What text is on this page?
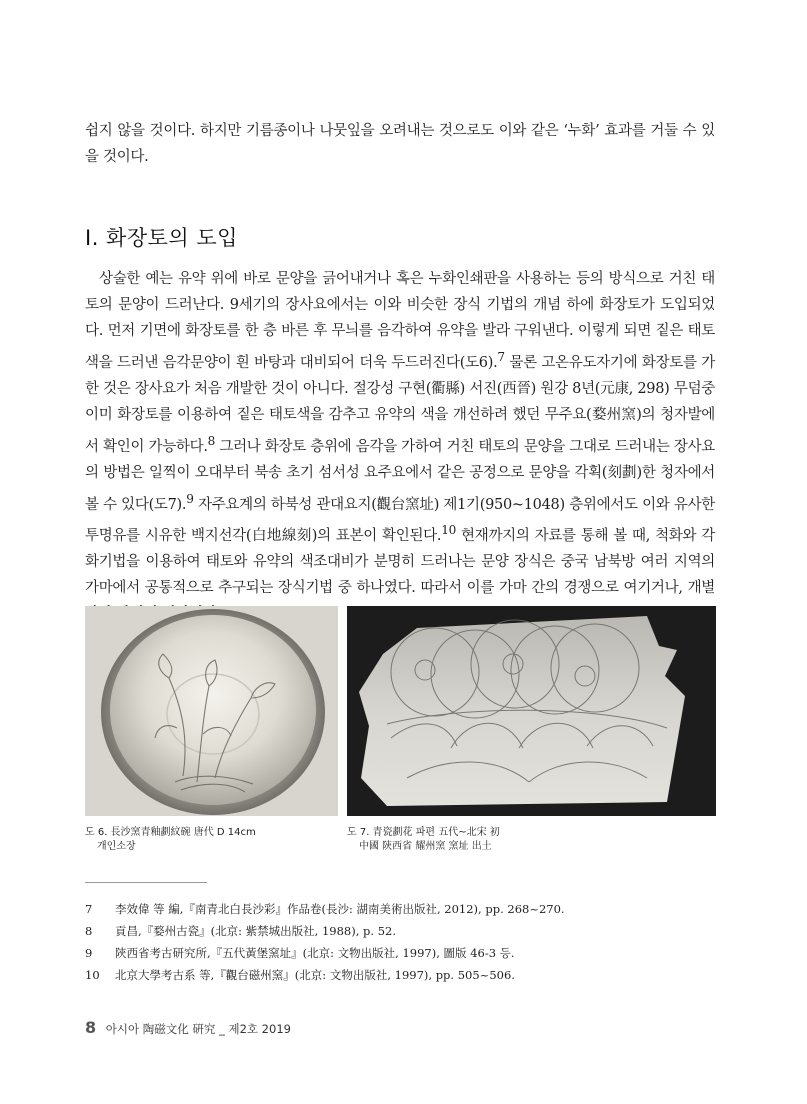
쉽지 않을 것이다. 하지만 기름종이나 나뭇잎을 오려내는 것으로도 이와 같은 ‘누화’ 효과를 거둘 수 있을 것이다.

Ⅰ. 화장토의 도입

상술한 예는 유약 위에 바로 문양을 긁어내거나 혹은 누화인쇄판을 사용하는 등의 방식으로 거친 태토의 문양이 드러난다. 9세기의 장사요에서는 이와 비슷한 장식 기법의 개념 하에 화장토가 도입되었다. 먼저 기면에 화장토를 한 층 바른 후 무늬를 음각하여 유약을 발라 구워낸다. 이렇게 되면 짙은 태토색을 드러낸 음각문양이 흰 바탕과 대비되어 더욱 두드러진다(도6).$^7$ 물론 고온유도자기에 화장토를 가한 것은 장사요가 처음 개발한 것이 아니다. 절강성 구현(衢縣) 서진(西晉) 원강 8년(元康, 298) 무덤중 이미 화장토를 이용하여 짙은 태토색을 감추고 유약의 색을 개선하려 했던 무주요(婺州窯)의 청자발에서 확인이 가능하다.$^8$ 그러나 화장토 층위에 음각을 가하여 거친 태토의 문양을 그대로 드러내는 장사요의 방법은 일찍이 오대부터 북송 초기 섬서성 요주요에서 같은 공정으로 문양을 각획(刻劃)한 청자에서 볼 수 있다(도7).$^9$ 자주요계의 하북성 관대요지(觀台窯址) 제1기(950~1048) 층위에서도 이와 유사한 투명유를 시유한 백지선각(白地線刻)의 표본이 확인된다.$^{10}$ 현재까지의 자료를 통해 볼 때, 척화와 각화기법을 이용하여 태토와 유약의 색조대비가 분명히 드러나는 문양 장식은 중국 남북방 여러 지역의 가마에서 공통적으로 추구되는 장식기법 중 하나였다. 따라서 이를 가마 간의 경쟁으로 여기거나, 개별

도 6. 長沙窯青釉劃紋碗 唐代 D 14cm
개인소장

도 7. 青瓷劃花 파편 五代~北宋 初
中國 陝西省 耀州窯 窯址 出土

7	李效偉 等 編,『南青北白長沙彩』作品卷(長沙: 湖南美術出版社, 2012), pp. 268~270.
8	貢昌,『婺州古瓷』(北京: 紫禁城出版社, 1988), p. 52.
9	陝西省考古研究所,『五代黃堡窯址』(北京: 文物出版社, 1997), 圖版 46-3 등.
10	北京大學考古系 等,『觀台磁州窯』(北京: 文物出版社, 1997), pp. 505~506.

8 아시아 陶磁文化 硏究 _ 제2호 2019
